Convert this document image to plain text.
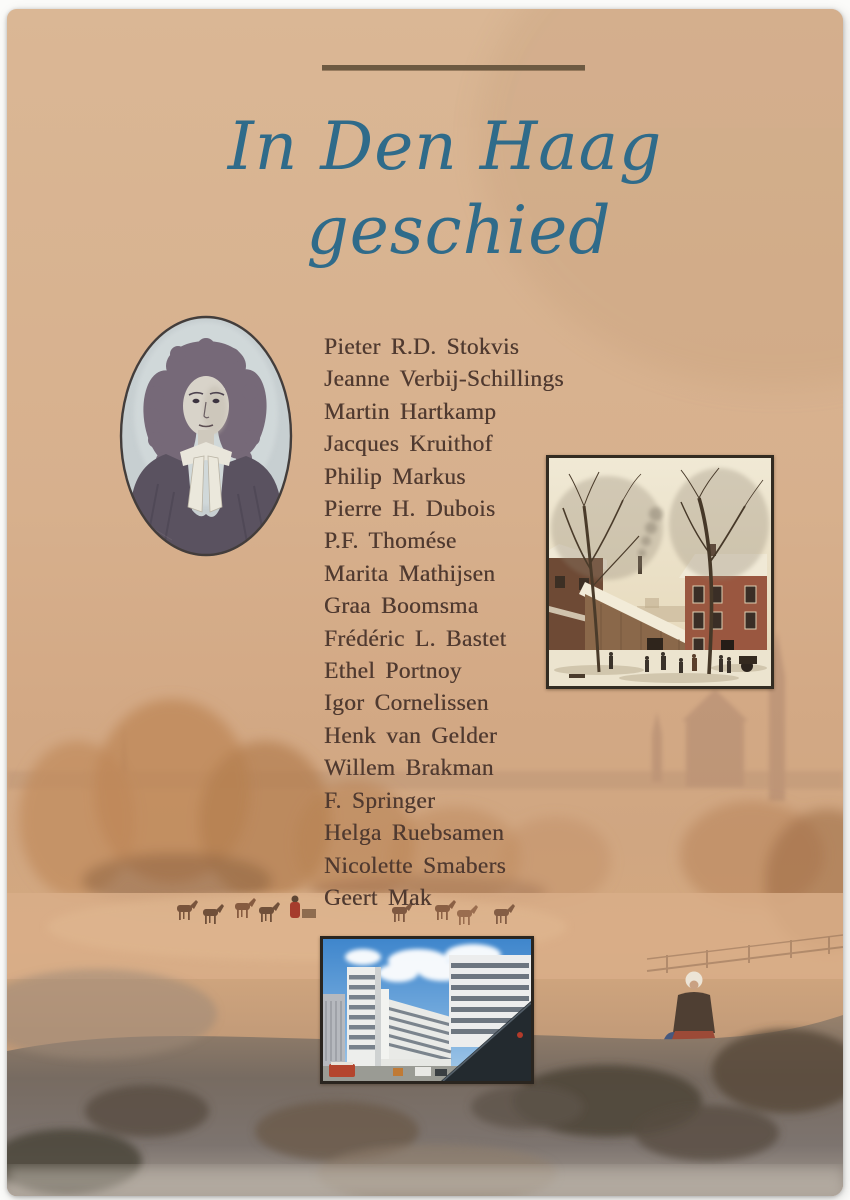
In Den Haag
geschied
Pieter R.D. Stokvis
Jeanne Verbij-Schillings
Martin Hartkamp
Jacques Kruithof
Philip Markus
Pierre H. Dubois
P.F. Thomése
Marita Mathijsen
Graa Boomsma
Frédéric L. Bastet
Ethel Portnoy
Igor Cornelissen
Henk van Gelder
Willem Brakman
F. Springer
Helga Ruebsamen
Nicolette Smabers
Geert Mak
